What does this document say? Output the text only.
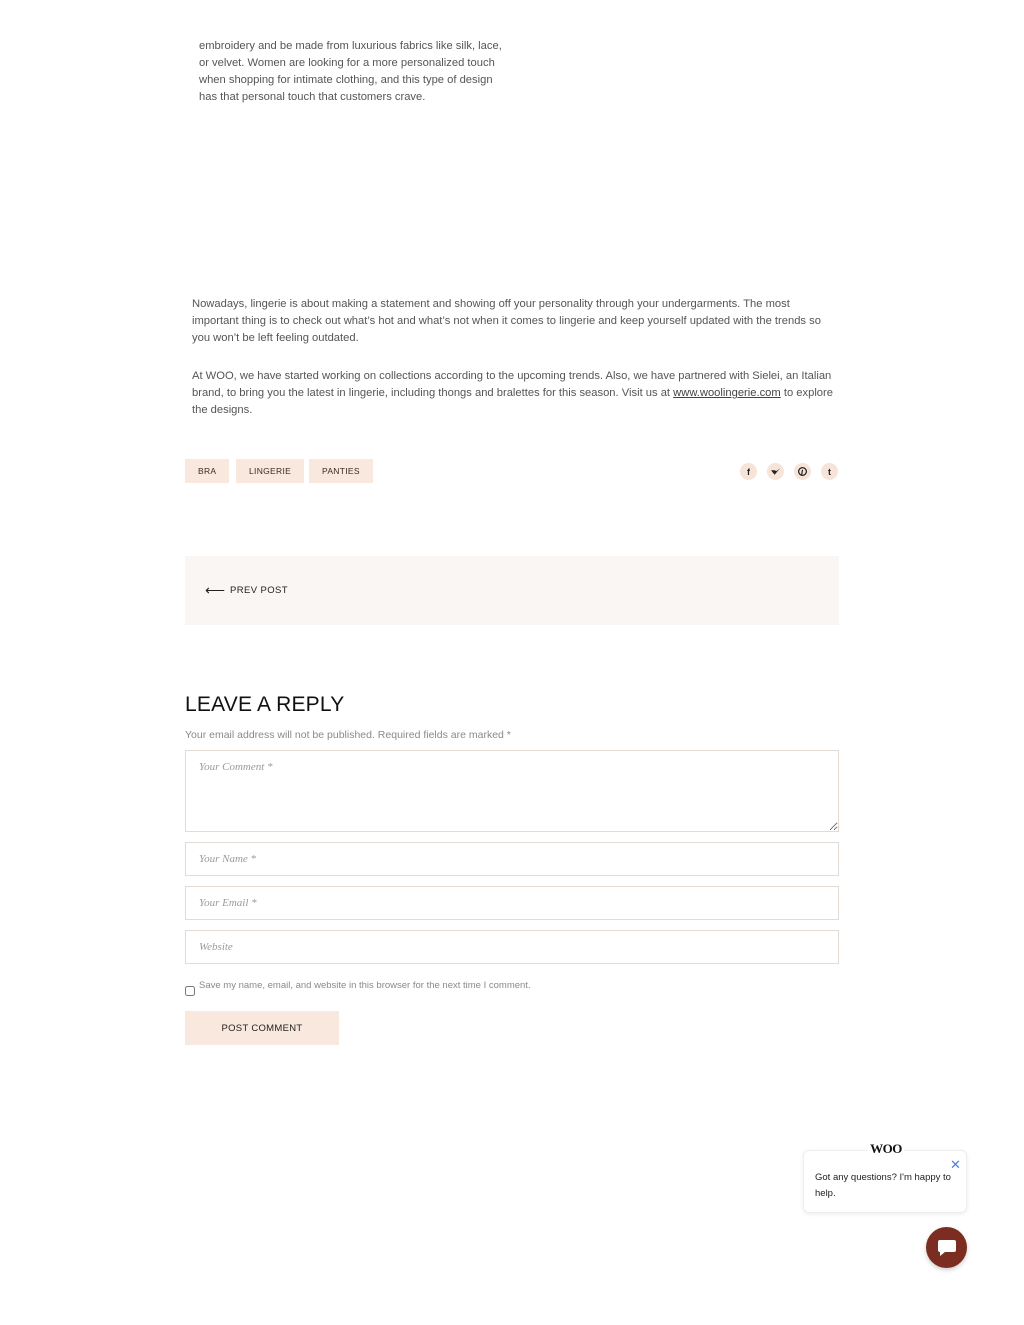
embroidery and be made from luxurious fabrics like silk, lace, or velvet. Women are looking for a more personalized touch when shopping for intimate clothing, and this type of design has that personal touch that customers crave.

Nowadays, lingerie is about making a statement and showing off your personality through your undergarments. The most important thing is to check out what’s hot and what’s not when it comes to lingerie and keep yourself updated with the trends so you won’t be left feeling outdated.

At WOO, we have started working on collections according to the upcoming trends. Also, we have partnered with Sielei, an Italian brand, to bring you the latest in lingerie, including thongs and bralettes for this season. Visit us at www.woolingerie.com to explore the designs.

BRA	LINGERIE	PANTIES	f	t
⟵ PREV POST
LEAVE A REPLY
Your email address will not be published. Required fields are marked *
Your Comment *
Your Name *
Your Email *
Website
Save my name, email, and website in this browser for the next time I comment.
POST COMMENT
WOO
✕
Got any questions? I'm happy to help.
